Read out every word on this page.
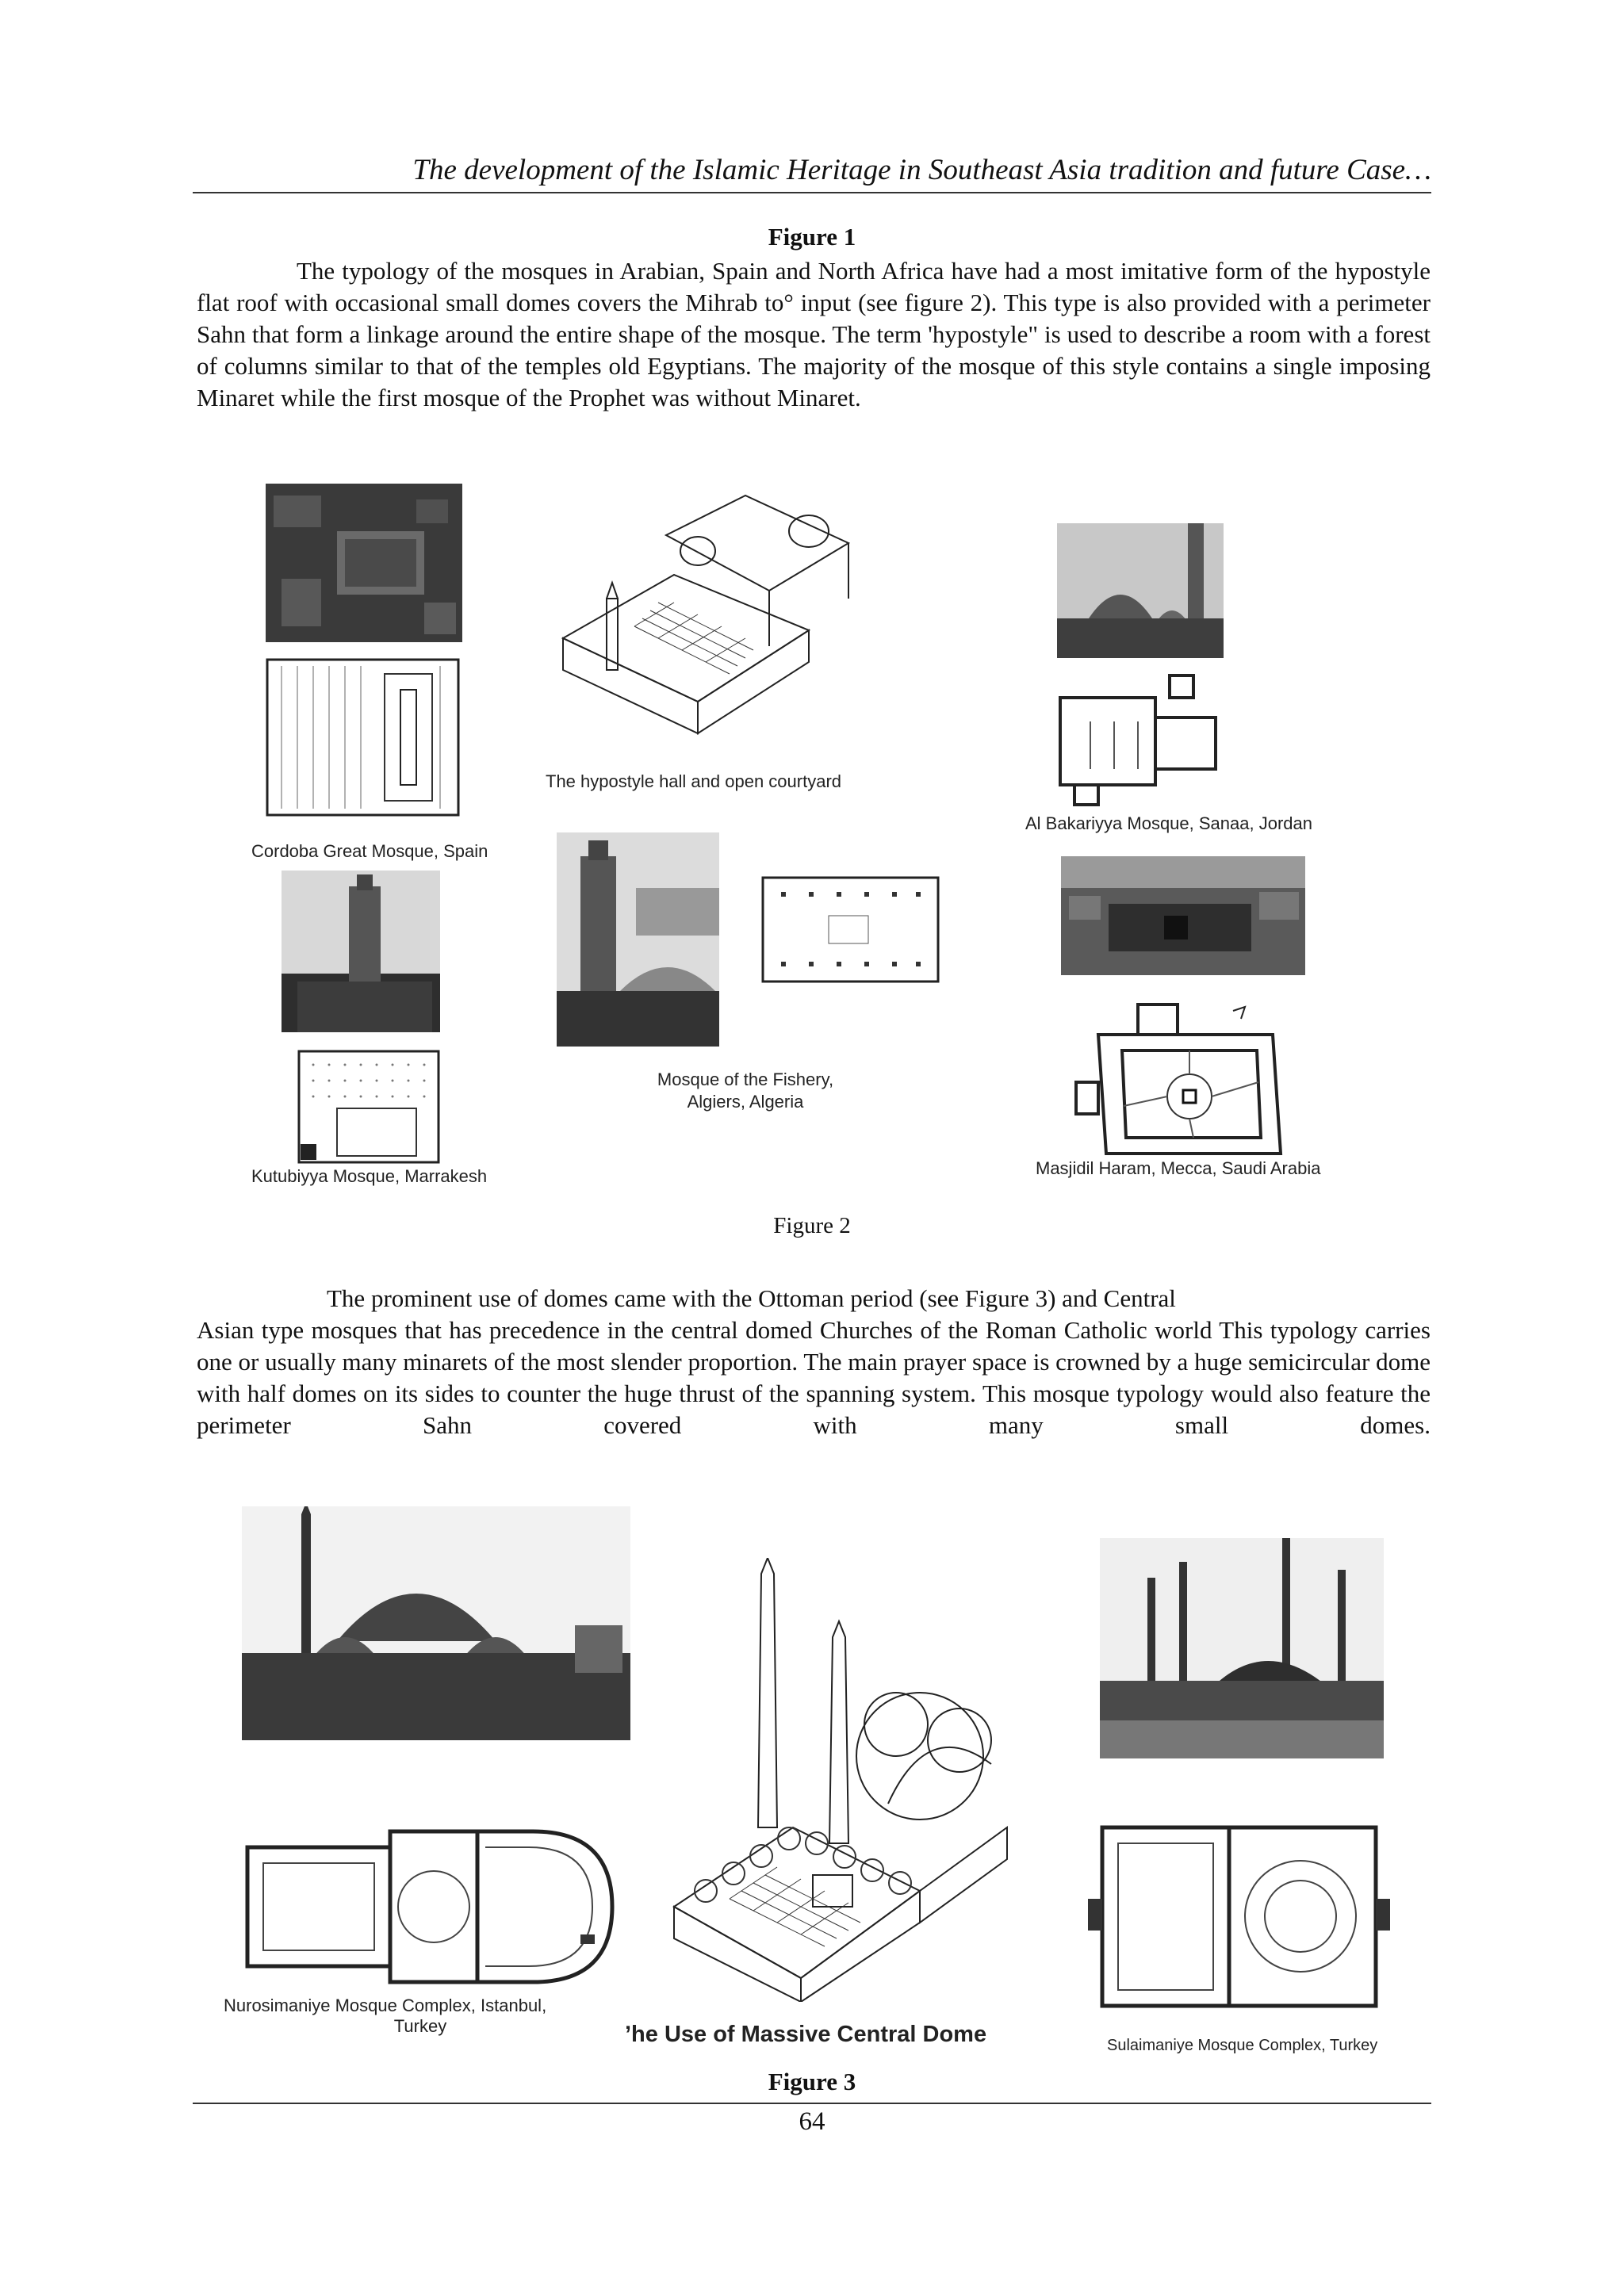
The development of the Islamic Heritage in Southeast Asia tradition and future Case…
Figure 1

The typology of the mosques in Arabian, Spain and North Africa have had a most imitative form of the hypostyle flat roof with occasional small domes covers the Mihrab to° input (see figure 2). This type is also provided with a perimeter Sahn that form a linkage around the entire shape of the mosque. The term 'hypostyle" is used to describe a room with a forest of columns similar to that of the temples old Egyptians. The majority of the mosque of this style contains a single imposing Minaret while the first mosque of the Prophet was without Minaret.

Cordoba Great Mosque, Spain
Kutubiyya Mosque, Marrakesh
The hypostyle hall and open courtyard
Mosque of the Fishery,
Algiers, Algeria
Al Bakariyya Mosque, Sanaa, Jordan
Masjidil Haram, Mecca, Saudi Arabia
Figure 2

The prominent use of domes came with the Ottoman period (see Figure 3) and Central

Asian type mosques that has precedence in the central domed Churches of the Roman Catholic world This typology carries one or usually many minarets of the most slender proportion. The main prayer space is crowned by a huge semicircular dome with half domes on its sides to counter the huge thrust of the spanning system. This mosque typology would also feature the perimeter Sahn covered with many small domes.

Nurosimaniye Mosque Complex, Istanbul,
Turkey	ʼhe Use of Massive Central Dome	Sulaimaniye Mosque Complex, Turkey
Figure 3
64
